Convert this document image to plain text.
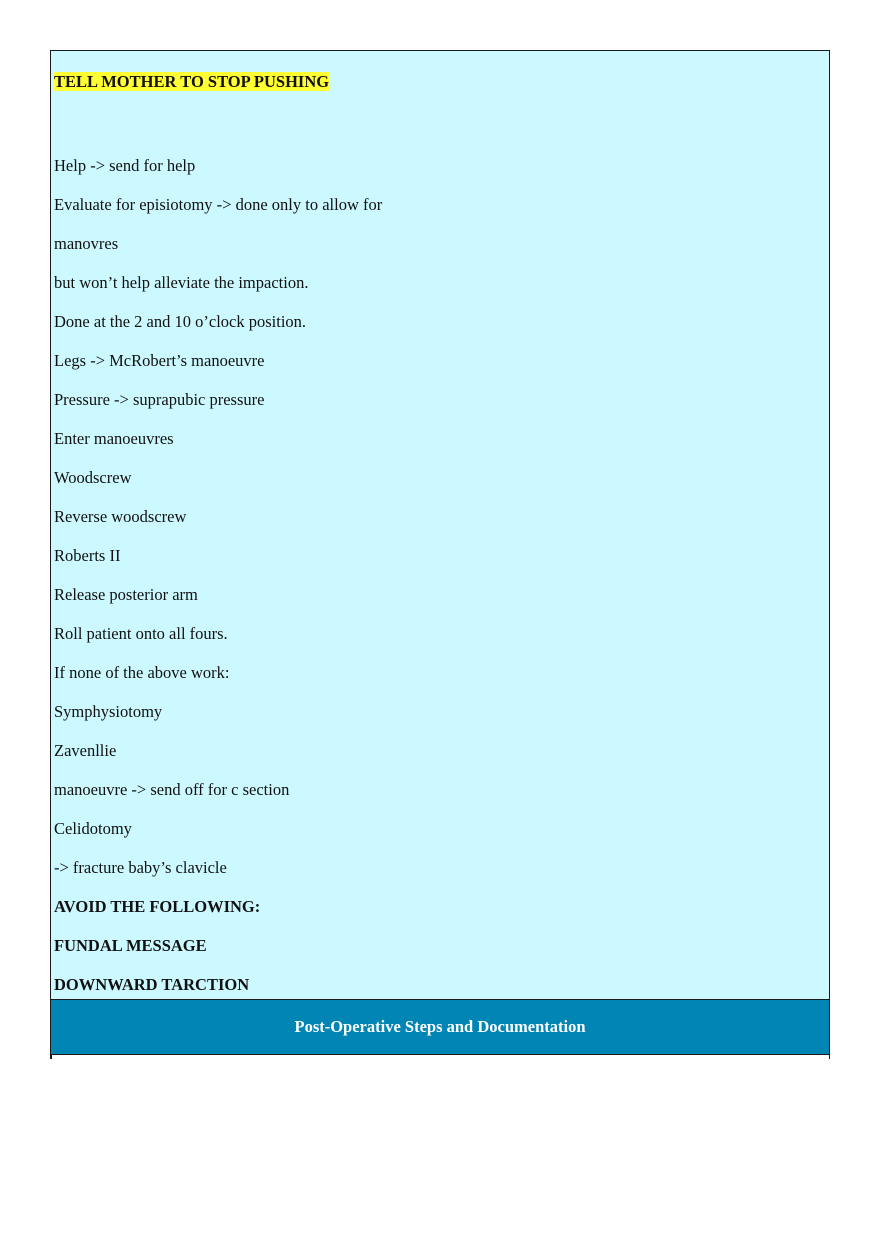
TELL MOTHER TO STOP PUSHING

Help -> send for help

Evaluate for episiotomy -> done only to allow for

manovres

but won’t help alleviate the impaction.

Done at the 2 and 10 o’clock position.

Legs -> McRobert’s manoeuvre

Pressure -> suprapubic pressure

Enter manoeuvres

Woodscrew

Reverse woodscrew

Roberts II

Release posterior arm

Roll patient onto all fours.

If none of the above work:

Symphysiotomy

Zavenllie

manoeuvre -> send off for c section

Celidotomy

-> fracture baby’s clavicle

AVOID THE FOLLOWING:

FUNDAL MESSAGE

DOWNWARD TARCTION

Post-Operative Steps and Documentation
